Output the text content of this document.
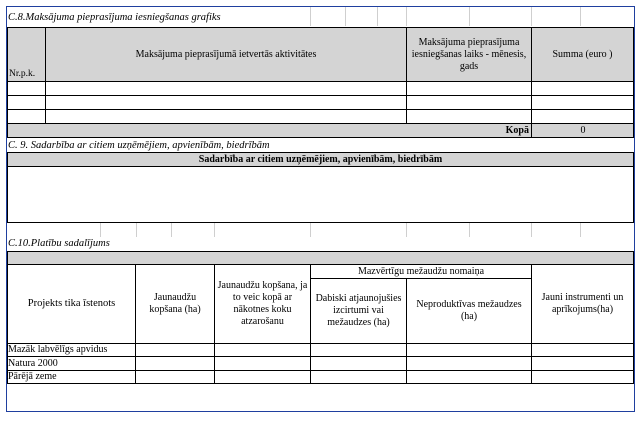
C.8.Maksājuma pieprasījuma iesniegšanas grafiks
Nr.p.k.
Maksājuma pieprasījumā ietvertās aktivitātes
Maksājuma pieprasījuma iesniegšanas laiks - mēnesis, gads
Summa (euro )
Kopā	0
C. 9. Sadarbība ar citiem uzņēmējiem, apvienībām, biedrībām
Sadarbība ar citiem uzņēmējiem, apvienībām, biedrībām
C.10.Platību sadalījums
Projekts tika īstenots
Jaunaudžu kopšana (ha)
Jaunaudžu kopšana, ja to veic kopā ar nākotnes koku atzarošanu
Mazvērtīgu mežaudžu nomaiņa
Dabiski atjaunojušies izcirtumi vai mežaudzes (ha)
Neproduktīvas mežaudzes (ha)
Jauni instrumenti un aprīkojums(ha)
Mazāk labvēlīgs apvidus
Natura 2000
Pārējā zeme
